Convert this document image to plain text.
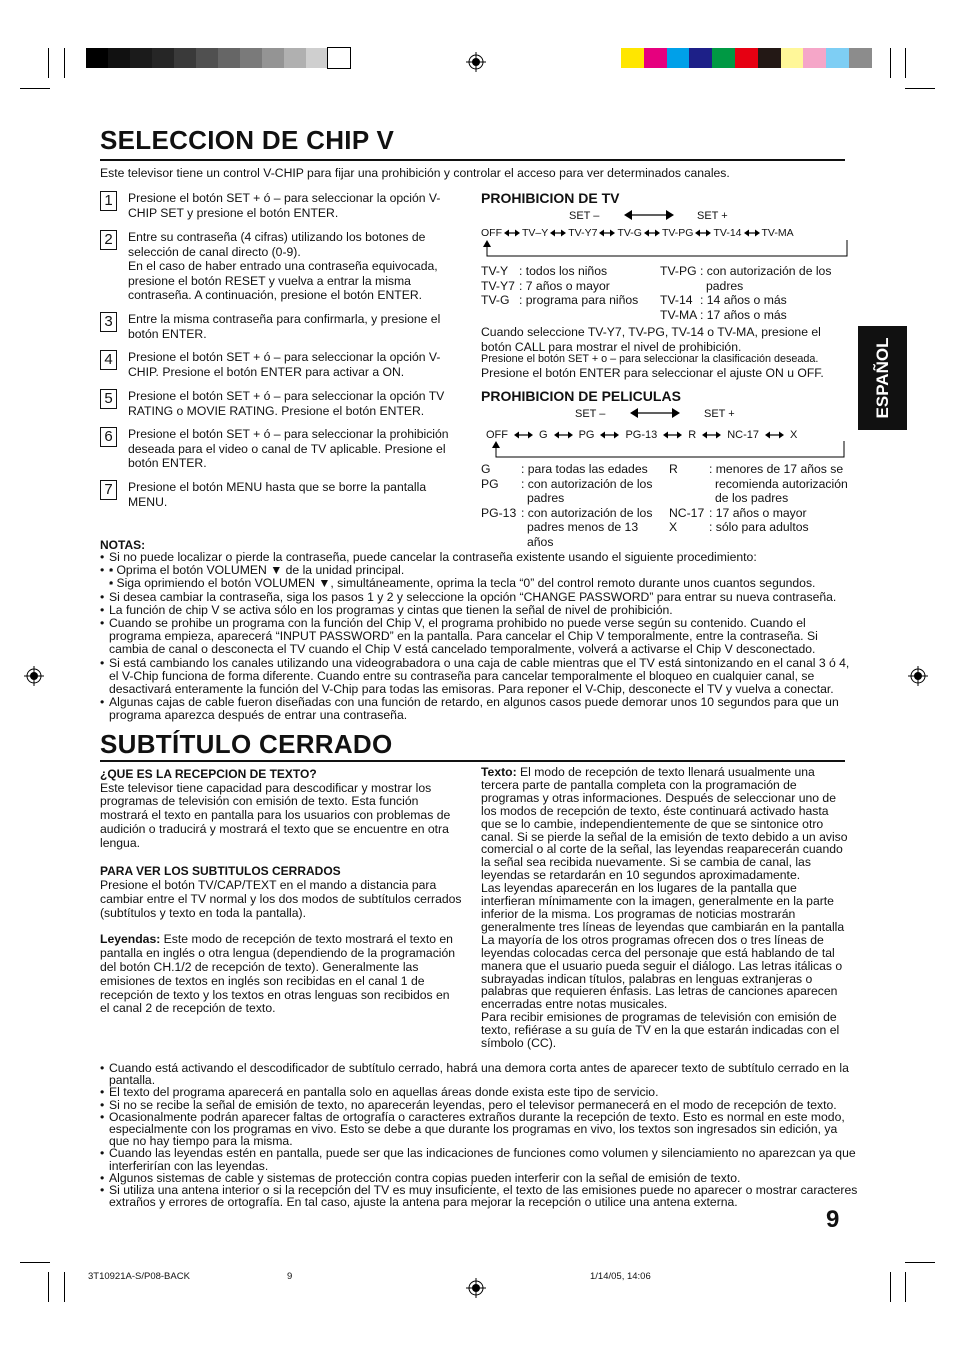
SELECCION DE CHIP V
Este televisor tiene un control V-CHIP para fijar una prohibición y controlar el acceso para ver determinados canales.
1	Presione el botón SET + ó – para seleccionar la opción V-CHIP SET y presione el botón ENTER.
2	Entre su contraseña (4 cifras) utilizando los botones de selección de canal directo (0-9).
En el caso de haber entrado una contraseña equivocada, presione el botón RESET y vuelva a entrar la misma contraseña. A continuación, presione el botón ENTER.
3	Entre la misma contraseña para confirmarla, y presione el botón ENTER.
4	Presione el botón SET + ó – para seleccionar la opción V-CHIP. Presione el botón ENTER para activar a ON.
5	Presione el botón SET + ó – para seleccionar la opción TV RATING o MOVIE RATING. Presione el botón ENTER.
6	Presione el botón SET + ó – para seleccionar la prohibición deseada para el video o canal de TV aplicable. Presione el botón ENTER.
7	Presione el botón MENU hasta que se borre la pantalla MENU.
PROHIBICION DE TV
SET –	SET +
OFF TV–Y TV-Y7 TV-G TV-PG TV-14 TV-MA
TV-Y : todos los niños
TV-Y7 : 7 años o mayor
TV-G : programa para niños
TV-PG : con autorización de los padres
TV-14 : 14 años o más
TV-MA : 17 años o más
Cuando seleccione TV-Y7, TV-PG, TV-14 o TV-MA, presione el botón CALL para mostrar el nivel de prohibición.
Presione el botón SET + o – para seleccionar la clasificación deseada.
Presione el botón ENTER para seleccionar el ajuste ON u OFF.
PROHIBICION DE PELICULAS
SET –	SET +
OFF	G	PG	PG-13	R	NC-17	X
G	: para todas las edades
PG	: con autorización de los padres
PG-13 : con autorización de los padres menos de 13 años
R	: menores de 17 años se recomienda autorización de los padres
NC-17 : 17 años o mayor
X	: sólo para adultos
NOTAS:
• Si no puede localizar o pierde la contraseña, puede cancelar la contraseña existente usando el siguiente procedimiento:
• • - Oprima el botón VOLUMEN ▼ de la unidad principal.
• - Siga oprimiendo el botón VOLUMEN ▼, simultáneamente, oprima la tecla “0” del control remoto durante unos cuantos segundos.
• Si desea cambiar la contraseña, siga los pasos 1 y 2 y seleccione la opción “CHANGE PASSWORD” para entrar su nueva contraseña.
• La función de chip V se activa sólo en los programas y cintas que tienen la señal de nivel de prohibición.
• Cuando se prohibe un programa con la función del Chip V, el programa prohibido no puede verse según su contenido. Cuando el programa empieza, aparecerá “INPUT PASSWORD” en la pantalla. Para cancelar el Chip V temporalmente, entre la contraseña. Si cambia de canal o desconecta el TV cuando el Chip V está cancelado temporalmente, volverá a activarse el Chip V desconectado.
• Si está cambiando los canales utilizando una videograbadora o una caja de cable mientras que el TV está sintonizando en el canal 3 ó 4, el V-Chip funciona de forma diferente. Cuando entre su contraseña para cancelar temporalmente el bloqueo en cualquier canal, se desactivará enteramente la función del V-Chip para todas las emisoras. Para reponer el V-Chip, desconecte el TV y vuelva a conectar.
• Algunas cajas de cable fueron diseñadas con una función de retardo, en algunos casos puede demorar unos 10 segundos para que un programa aparezca después de entrar una contraseña.
ESPAÑOL
SUBTÍTULO CERRADO
¿QUE ES LA RECEPCION DE TEXTO?
Este televisor tiene capacidad para descodificar y mostrar los programas de televisión con emisión de texto. Esta función mostrará el texto en pantalla para los usuarios con problemas de audición o traducirá y mostrará el texto que se encuentre en otra lengua.
PARA VER LOS SUBTITULOS CERRADOS
Presione el botón TV/CAP/TEXT en el mando a distancia para cambiar entre el TV normal y los dos modos de subtítulos cerrados (subtítulos y texto en toda la pantalla).
Leyendas: Este modo de recepción de texto mostrará el texto en pantalla en inglés o otra lengua (dependiendo de la programación del botón CH.1/2 de recepción de texto). Generalmente las emisiones de textos en inglés son recibidas en el canal 1 de recepción de texto y los textos en otras lenguas son recibidos en el canal 2 de recepción de texto.
Texto: El modo de recepción de texto llenará usualmente una tercera parte de pantalla completa con la programación de programas y otras informaciones. Después de seleccionar uno de los modos de recepción de texto, éste continuará activado hasta que se lo cambie, independientemente de que se sintonice otro canal. Si se pierde la señal de la emisión de texto debido a un aviso comercial o al corte de la señal, las leyendas reaparecerán cuando la señal sea recibida nuevamente. Si se cambia de canal, las leyendas se retardarán en 10 segundos aproximadamente.
Las leyendas aparecerán en los lugares de la pantalla que interfieran mínimamente con la imagen, generalmente en la parte inferior de la misma. Los programas de noticias mostrarán generalmente tres líneas de leyendas que cambiarán en la pantalla La mayoría de los otros programas ofrecen dos o tres líneas de leyendas colocadas cerca del personaje que está hablando de tal manera que el usuario pueda seguir el diálogo. Las letras itálicas o subrayadas indican títulos, palabras en lenguas extranjeras o palabras que requieren énfasis. Las letras de canciones aparecen encerradas entre notas musicales.
Para recibir emisiones de programas de televisión con emisión de texto, refiérase a su guía de TV en la que estarán indicadas con el símbolo (CC).
• Cuando está activando el descodificador de subtítulo cerrado, habrá una demora corta antes de aparecer texto de subtítulo cerrado en la pantalla.
• El texto del programa aparecerá en pantalla solo en aquellas áreas donde exista este tipo de servicio.
• Si no se recibe la señal de emisión de texto, no aparecerán leyendas, pero el televisor permanecerá en el modo de recepción de texto.
• Ocasionalmente podrán aparecer faltas de ortografía o caracteres extraños durante la recepción de texto. Esto es normal en este modo, especialmente con los programas en vivo. Esto se debe a que durante los programas en vivo, los textos son ingresados sin edición, ya que no hay tiempo para la misma.
• Cuando las leyendas estén en pantalla, puede ser que las indicaciones de funciones como volumen y silenciamiento no aparezcan ya que interferirían con las leyendas.
• Algunos sistemas de cable y sistemas de protección contra copias pueden interferir con la señal de emisión de texto.
• Si utiliza una antena interior o si la recepción del TV es muy insuficiente, el texto de las emisiones puede no aparecer o mostrar caracteres extraños y errores de ortografía. En tal caso, ajuste la antena para mejorar la recepción o utilice una antena externa.
9
3T10921A-S/P08-BACK	9	1/14/05, 14:06
